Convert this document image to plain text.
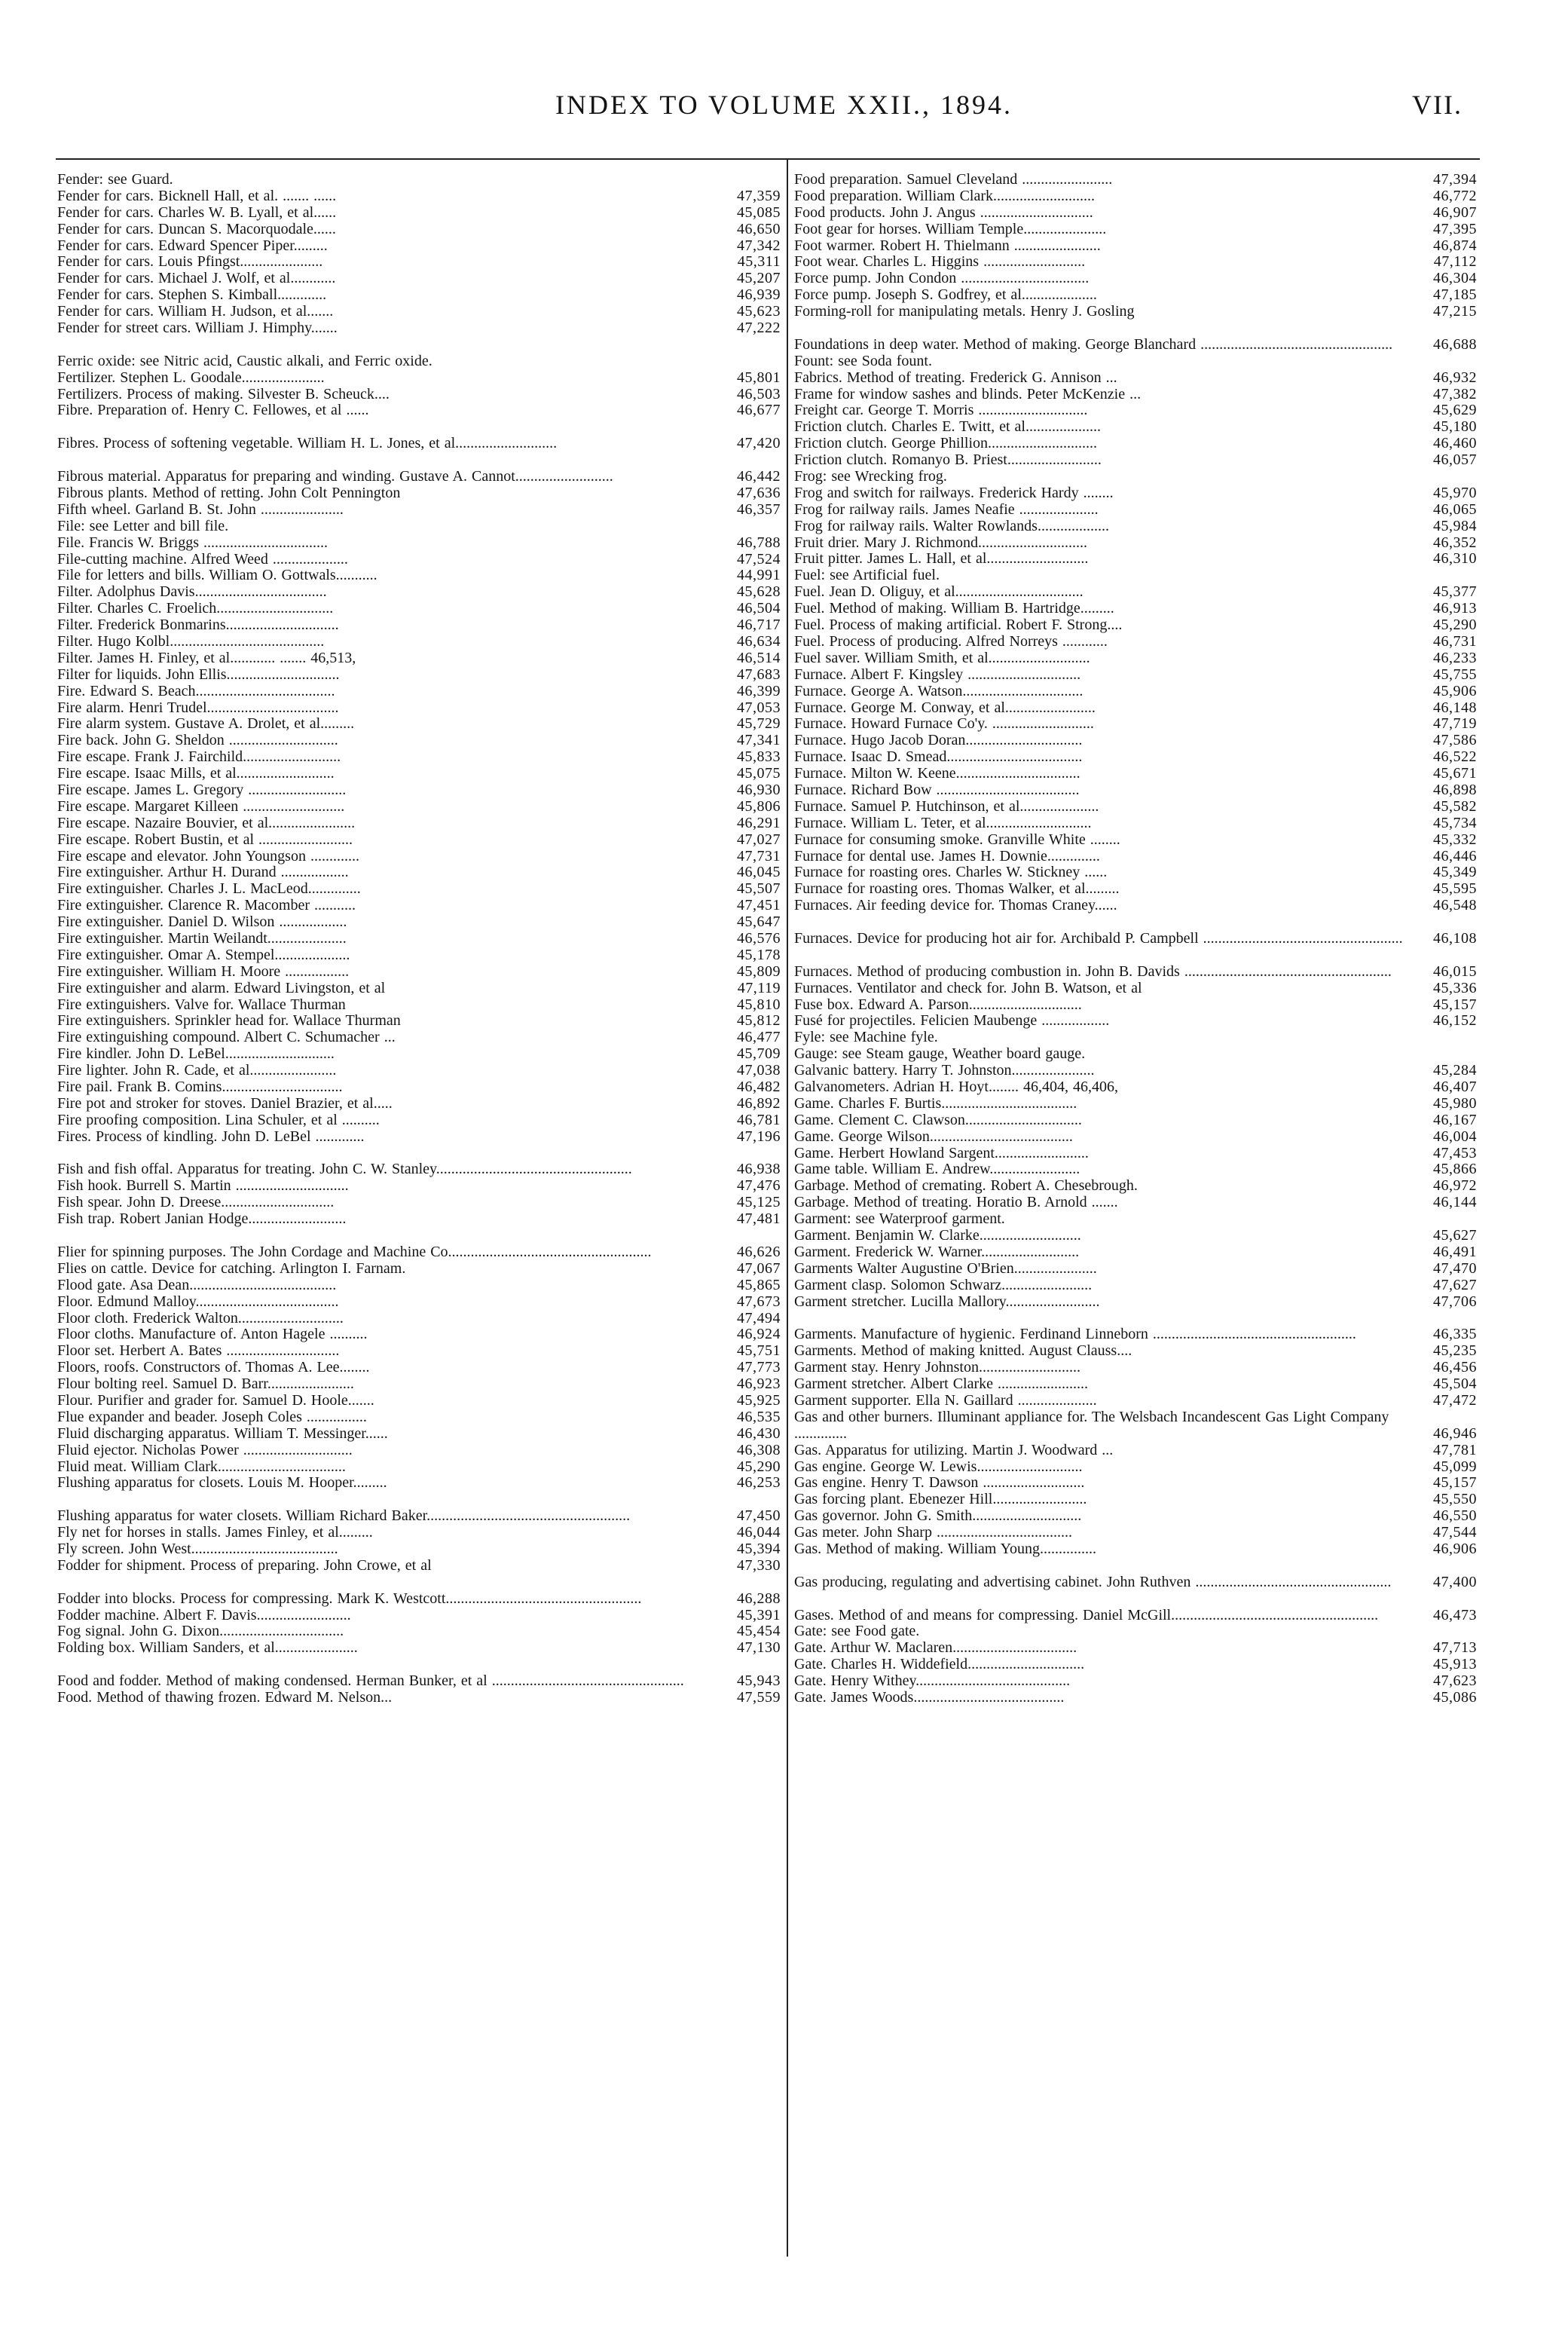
INDEX TO VOLUME XXII., 1894.	VII.
Fender: see Guard.
Fender for cars. Bicknell Hall, et al. ....... ......	47,359
Fender for cars. Charles W. B. Lyall, et al......	45,085
Fender for cars. Duncan S. Macorquodale......	46,650
Fender for cars. Edward Spencer Piper.........	47,342
Fender for cars. Louis Pfingst......................	45,311
Fender for cars. Michael J. Wolf, et al............	45,207
Fender for cars. Stephen S. Kimball.............	46,939
Fender for cars. William H. Judson, et al.......	45,623
Fender for street cars. William J. Himphy.......	47,222
Ferric oxide: see Nitric acid, Caustic alkali, and Ferric oxide.
Fertilizer. Stephen L. Goodale......................	45,801
Fertilizers. Process of making. Silvester B. Scheuck....	46,503
Fibre. Preparation of. Henry C. Fellowes, et al ......	46,677
Fibres. Process of softening vegetable. William H. L. Jones, et al...........................	47,420
Fibrous material. Apparatus for preparing and winding. Gustave A. Cannot..........................	46,442
Fibrous plants. Method of retting. John Colt Pennington	47,636
Fifth wheel. Garland B. St. John ......................	46,357
File: see Letter and bill file.
File. Francis W. Briggs .................................	46,788
File-cutting machine. Alfred Weed ....................	47,524
File for letters and bills. William O. Gottwals...........	44,991
Filter. Adolphus Davis...................................	45,628
Filter. Charles C. Froelich...............................	46,504
Filter. Frederick Bonmarins..............................	46,717
Filter. Hugo Kolbl.........................................	46,634
Filter. James H. Finley, et al............ ....... 46,513,	46,514
Filter for liquids. John Ellis..............................	47,683
Fire. Edward S. Beach.....................................	46,399
Fire alarm. Henri Trudel...................................	47,053
Fire alarm system. Gustave A. Drolet, et al.........	45,729
Fire back. John G. Sheldon .............................	47,341
Fire escape. Frank J. Fairchild..........................	45,833
Fire escape. Isaac Mills, et al..........................	45,075
Fire escape. James L. Gregory ..........................	46,930
Fire escape. Margaret Killeen ...........................	45,806
Fire escape. Nazaire Bouvier, et al.......................	46,291
Fire escape. Robert Bustin, et al .........................	47,027
Fire escape and elevator. John Youngson .............	47,731
Fire extinguisher. Arthur H. Durand ..................	46,045
Fire extinguisher. Charles J. L. MacLeod..............	45,507
Fire extinguisher. Clarence R. Macomber ...........	47,451
Fire extinguisher. Daniel D. Wilson ..................	45,647
Fire extinguisher. Martin Weilandt.....................	46,576
Fire extinguisher. Omar A. Stempel....................	45,178
Fire extinguisher. William H. Moore .................	45,809
Fire extinguisher and alarm. Edward Livingston, et al	47,119
Fire extinguishers. Valve for. Wallace Thurman	45,810
Fire extinguishers. Sprinkler head for. Wallace Thurman	45,812
Fire extinguishing compound. Albert C. Schumacher ...	46,477
Fire kindler. John D. LeBel.............................	45,709
Fire lighter. John R. Cade, et al.......................	47,038
Fire pail. Frank B. Comins................................	46,482
Fire pot and stroker for stoves. Daniel Brazier, et al.....	46,892
Fire proofing composition. Lina Schuler, et al ..........	46,781
Fires. Process of kindling. John D. LeBel .............	47,196
Fish and fish offal. Apparatus for treating. John C. W. Stanley....................................................	46,938
Fish hook. Burrell S. Martin ..............................	47,476
Fish spear. John D. Dreese..............................	45,125
Fish trap. Robert Janian Hodge..........................	47,481
Flier for spinning purposes. The John Cordage and Machine Co......................................................	46,626
Flies on cattle. Device for catching. Arlington I. Farnam.	47,067
Flood gate. Asa Dean.......................................	45,865
Floor. Edmund Malloy......................................	47,673
Floor cloth. Frederick Walton............................	47,494
Floor cloths. Manufacture of. Anton Hagele ..........	46,924
Floor set. Herbert A. Bates ..............................	45,751
Floors, roofs. Constructors of. Thomas A. Lee........	47,773
Flour bolting reel. Samuel D. Barr.......................	46,923
Flour. Purifier and grader for. Samuel D. Hoole.......	45,925
Flue expander and beader. Joseph Coles ................	46,535
Fluid discharging apparatus. William T. Messinger......	46,430
Fluid ejector. Nicholas Power .............................	46,308
Fluid meat. William Clark..................................	45,290
Flushing apparatus for closets. Louis M. Hooper.........	46,253
Flushing apparatus for water closets. William Richard Baker......................................................	47,450
Fly net for horses in stalls. James Finley, et al.........	46,044
Fly screen. John West.......................................	45,394
Fodder for shipment. Process of preparing. John Crowe, et al	47,330
Fodder into blocks. Process for compressing. Mark K. Westcott....................................................	46,288
Fodder machine. Albert F. Davis.........................	45,391
Fog signal. John G. Dixon.................................	45,454
Folding box. William Sanders, et al......................	47,130
Food and fodder. Method of making condensed. Herman Bunker, et al ...................................................	45,943
Food. Method of thawing frozen. Edward M. Nelson...	47,559
Food preparation. Samuel Cleveland ........................	47,394
Food preparation. William Clark...........................	46,772
Food products. John J. Angus ..............................	46,907
Foot gear for horses. William Temple......................	47,395
Foot warmer. Robert H. Thielmann .......................	46,874
Foot wear. Charles L. Higgins ...........................	47,112
Force pump. John Condon ..................................	46,304
Force pump. Joseph S. Godfrey, et al....................	47,185
Forming-roll for manipulating metals. Henry J. Gosling	47,215
Foundations in deep water. Method of making. George Blanchard ...................................................	46,688
Fount: see Soda fount.
Fabrics. Method of treating. Frederick G. Annison ...	46,932
Frame for window sashes and blinds. Peter McKenzie ...	47,382
Freight car. George T. Morris .............................	45,629
Friction clutch. Charles E. Twitt, et al....................	45,180
Friction clutch. George Phillion.............................	46,460
Friction clutch. Romanyo B. Priest.........................	46,057
Frog: see Wrecking frog.
Frog and switch for railways. Frederick Hardy ........	45,970
Frog for railway rails. James Neafie .....................	46,065
Frog for railway rails. Walter Rowlands...................	45,984
Fruit drier. Mary J. Richmond.............................	46,352
Fruit pitter. James L. Hall, et al...........................	46,310
Fuel: see Artificial fuel.
Fuel. Jean D. Oliguy, et al..................................	45,377
Fuel. Method of making. William B. Hartridge.........	46,913
Fuel. Process of making artificial. Robert F. Strong....	45,290
Fuel. Process of producing. Alfred Norreys ............	46,731
Fuel saver. William Smith, et al...........................	46,233
Furnace. Albert F. Kingsley ..............................	45,755
Furnace. George A. Watson................................	45,906
Furnace. George M. Conway, et al........................	46,148
Furnace. Howard Furnace Co'y. ...........................	47,719
Furnace. Hugo Jacob Doran...............................	47,586
Furnace. Isaac D. Smead....................................	46,522
Furnace. Milton W. Keene.................................	45,671
Furnace. Richard Bow ......................................	46,898
Furnace. Samuel P. Hutchinson, et al.....................	45,582
Furnace. William L. Teter, et al............................	45,734
Furnace for consuming smoke. Granville White ........	45,332
Furnace for dental use. James H. Downie..............	46,446
Furnace for roasting ores. Charles W. Stickney ......	45,349
Furnace for roasting ores. Thomas Walker, et al.........	45,595
Furnaces. Air feeding device for. Thomas Craney......	46,548
Furnaces. Device for producing hot air for. Archibald P. Campbell .....................................................	46,108
Furnaces. Method of producing combustion in. John B. Davids .......................................................	46,015
Furnaces. Ventilator and check for. John B. Watson, et al	45,336
Fuse box. Edward A. Parson..............................	45,157
Fusé for projectiles. Felicien Maubenge ..................	46,152
Fyle: see Machine fyle.
Gauge: see Steam gauge, Weather board gauge.
Galvanic battery. Harry T. Johnston......................	45,284
Galvanometers. Adrian H. Hoyt........ 46,404, 46,406,	46,407
Game. Charles F. Burtis....................................	45,980
Game. Clement C. Clawson...............................	46,167
Game. George Wilson......................................	46,004
Game. Herbert Howland Sargent.........................	47,453
Game table. William E. Andrew........................	45,866
Garbage. Method of cremating. Robert A. Chesebrough.	46,972
Garbage. Method of treating. Horatio B. Arnold .......	46,144
Garment: see Waterproof garment.
Garment. Benjamin W. Clarke...........................	45,627
Garment. Frederick W. Warner..........................	46,491
Garments Walter Augustine O'Brien......................	47,470
Garment clasp. Solomon Schwarz........................	47,627
Garment stretcher. Lucilla Mallory.........................	47,706
Garments. Manufacture of hygienic. Ferdinand Linneborn ......................................................	46,335
Garments. Method of making knitted. August Clauss....	45,235
Garment stay. Henry Johnston...........................	46,456
Garment stretcher. Albert Clarke ........................	45,504
Garment supporter. Ella N. Gaillard .....................	47,472
Gas and other burners. Illuminant appliance for. The Welsbach Incandescent Gas Light Company ..............	46,946
Gas. Apparatus for utilizing. Martin J. Woodward ...	47,781
Gas engine. George W. Lewis............................	45,099
Gas engine. Henry T. Dawson ...........................	45,157
Gas forcing plant. Ebenezer Hill.........................	45,550
Gas governor. John G. Smith.............................	46,550
Gas meter. John Sharp ....................................	47,544
Gas. Method of making. William Young...............	46,906
Gas producing, regulating and advertising cabinet. John Ruthven ....................................................	47,400
Gases. Method of and means for compressing. Daniel McGill.......................................................	46,473
Gate: see Food gate.
Gate. Arthur W. Maclaren.................................	47,713
Gate. Charles H. Widdefield...............................	45,913
Gate. Henry Withey.........................................	47,623
Gate. James Woods........................................	45,086
